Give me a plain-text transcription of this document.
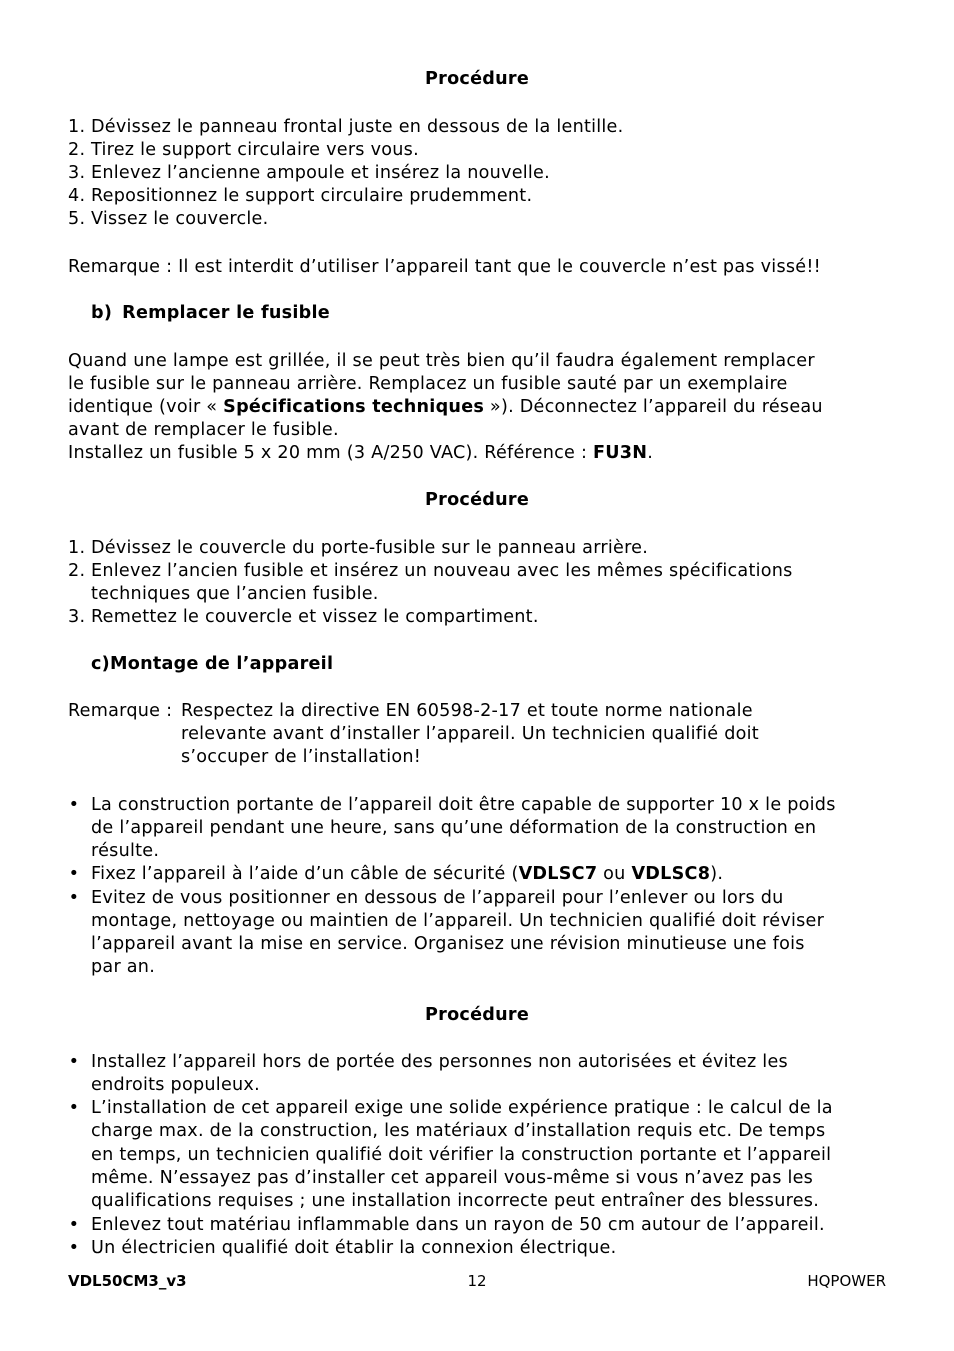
Procédure
1. Dévissez le panneau frontal juste en dessous de la lentille.
2. Tirez le support circulaire vers vous.
3. Enlevez l’ancienne ampoule et insérez la nouvelle.
4. Repositionnez le support circulaire prudemment.
5. Vissez le couvercle.
Remarque : Il est interdit d’utiliser l’appareil tant que le couvercle n’est pas vissé!!
b) Remplacer le fusible
Quand une lampe est grillée, il se peut très bien qu’il faudra également remplacer
le fusible sur le panneau arrière. Remplacez un fusible sauté par un exemplaire
identique (voir « Spécifications techniques »). Déconnectez l’appareil du réseau
avant de remplacer le fusible.
Installez un fusible 5 x 20 mm (3 A/250 VAC). Référence : FU3N.
Procédure
1. Dévissez le couvercle du porte-fusible sur le panneau arrière.
2. Enlevez l’ancien fusible et insérez un nouveau avec les mêmes spécifications
techniques que l’ancien fusible.
3. Remettez le couvercle et vissez le compartiment.
c)Montage de l’appareil
Remarque : Respectez la directive EN 60598-2-17 et toute norme nationale
relevante avant d’installer l’appareil. Un technicien qualifié doit
s’occuper de l’installation!
• La construction portante de l’appareil doit être capable de supporter 10 x le poids
de l’appareil pendant une heure, sans qu’une déformation de la construction en
résulte.
• Fixez l’appareil à l’aide d’un câble de sécurité (VDLSC7 ou VDLSC8).
• Evitez de vous positionner en dessous de l’appareil pour l’enlever ou lors du
montage, nettoyage ou maintien de l’appareil. Un technicien qualifié doit réviser
l’appareil avant la mise en service. Organisez une révision minutieuse une fois
par an.
Procédure
• Installez l’appareil hors de portée des personnes non autorisées et évitez les
endroits populeux.
• L’installation de cet appareil exige une solide expérience pratique : le calcul de la
charge max. de la construction, les matériaux d’installation requis etc. De temps
en temps, un technicien qualifié doit vérifier la construction portante et l’appareil
même. N’essayez pas d’installer cet appareil vous-même si vous n’avez pas les
qualifications requises ; une installation incorrecte peut entraîner des blessures.
• Enlevez tout matériau inflammable dans un rayon de 50 cm autour de l’appareil.
• Un électricien qualifié doit établir la connexion électrique.
VDL50CM3_v3	12	HQPOWER
